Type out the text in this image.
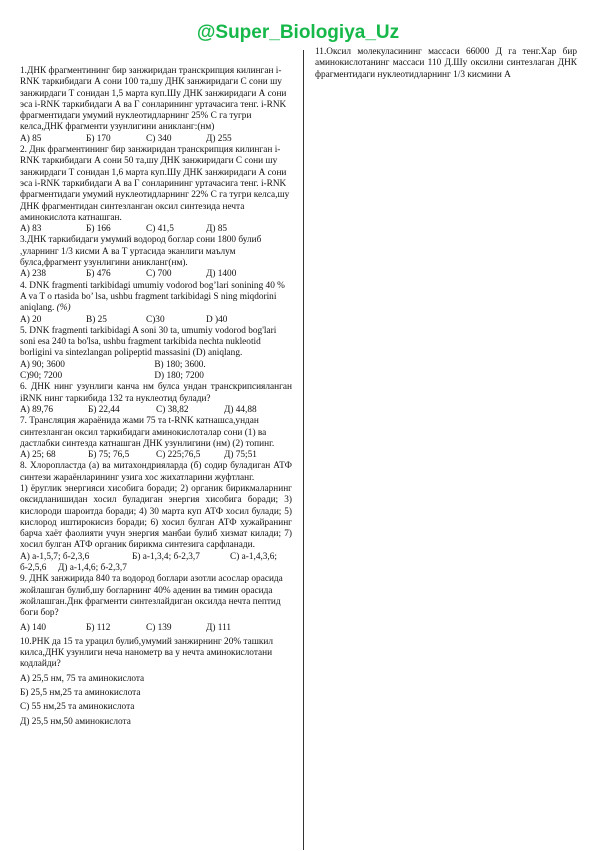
@Super_Biologiya_Uz

11.Оксил молекуласининг массаси 66000 Д га тенг.Хар бир аминокислотанинг массаси 110 Д.Шу оксилни синтезлаган ДНК фрагментидаги нуклеотидларнинг 1/3 кисмини А

1.ДНК фрагментининг бир занжиридан транскрипция килинган i-RNK таркибидаги А сони 100 та,шу ДНК занжиридаги С сони шу занжирдаги Т сонидан 1,5 марта куп.Шу ДНК занжиридаги А сони эса i-RNK таркибидаги А ва Г сонларининг уртачасига тенг. i-RNK фрагментидаги умумий нуклеотидларнинг 25% С га тугри келса,ДНК фрагменти узунлигини аникланг:(нм)

А) 85	Б) 170	С) 340	Д) 255

2. Днк фрагментининг бир занжиридан транскрипция килинган i-RNK таркибидаги А сони 50 та,шу ДНК занжиридаги С сони шу занжирдаги Т сонидан 1,6 марта куп.Шу ДНК занжиридаги А сони эса i-RNK таркибидаги А ва Г сонларининг уртачасига тенг. i-RNK фрагментидаги умумий нуклеотидларнинг 22% С га тугри келса,шу ДНК фрагментидан синтезланган оксил синтезида нечта аминокислота катнашган.

А) 83	Б) 166	С) 41,5	Д) 85

3.ДНК таркибидаги умумий водород боглар сони 1800 булиб ,уларнинг 1/3 кисми А ва Т уртасида эканлиги маълум булса,фрагмент узунлигини аникланг(нм).

А) 238	Б) 476	С) 700	Д) 1400

4. DNK fragmenti tarkibidagi umumiy vodorod bog’lari sonining 40 % A va T o rtasida bo’ lsa, ushbu fragment tarkibidagi S ning miqdorini aniqlang. (%)

A) 20	B) 25	C)30	D )40

5. DNK fragmenti tarkibidagi A soni 30 ta, umumiy vodorod bog'lari soni esa 240 ta bo'lsa, ushbu fragment tarkibida nechta nukleotid borligini va sintezlangan polipeptid massasini (D) aniqlang.

A) 90; 3600	B) 180; 3600.
C)90; 7200	D) 180; 7200

6. ДНК нинг узунлиги канча нм булса ундан транскрипсияланган iRNK нинг таркибида 132 та нуклеотид булади?

А) 89,76	Б) 22,44	С) 38,82	Д) 44,88

7. Трансляция жараёнида жами 75 та t-RNK катнашса,ундан синтезланган оксил таркибидаги аминокислоталар сони (1) ва дастлабки синтезда катнашган ДНК узунлигини (нм) (2) топинг.

А) 25; 68	Б) 75; 76,5	С) 225;76,5	Д) 75;51

8. Хлоропластда (а) ва митахондрияларда (б) содир буладиган АТФ синтези жараёнларининг узига хос жихатларини жуфтланг.

1) ёруглик энергияси хисобига боради; 2) органик бирикмаларнинг оксидланишидан хосил буладиган энергия хисобига боради; 3) кислороди шароитда боради; 4) 30 марта куп АТФ хосил булади; 5) кислород иштирокисиз боради; 6) хосил булган АТФ хужайранинг барча хаёт фаолияти учун энергия манбаи булиб хизмат килади; 7) хосил булган АТФ органик бирикма синтезига сарфланади.

А) а-1,5,7; б-2,3,6	Б) а-1,3,4; б-2,3,7	С) а-1,4,3,6;
б-2,5,6	Д) а-1,4,6; б-2,3,7

9. ДНК занжирида 840 та водород боглари азотли асослар орасида жойлашган булиб,шу богларнинг 40% аденин ва тимин орасида жойлашган.Днк фрагменти синтезлайдиган оксилда нечта пептид боги бор?

А) 140	Б) 112	С) 139	Д) 111

10.РНК да 15 та урацил булиб,умумий занжирнинг 20% ташкил килса,ДНК узунлиги неча нанометр ва у нечта аминокислотани кодлайди?

А) 25,5 нм, 75 та аминокислота

Б) 25,5 нм,25 та аминокислота

С) 55 нм,25 та аминокислота

Д) 25,5 нм,50 аминокислота
